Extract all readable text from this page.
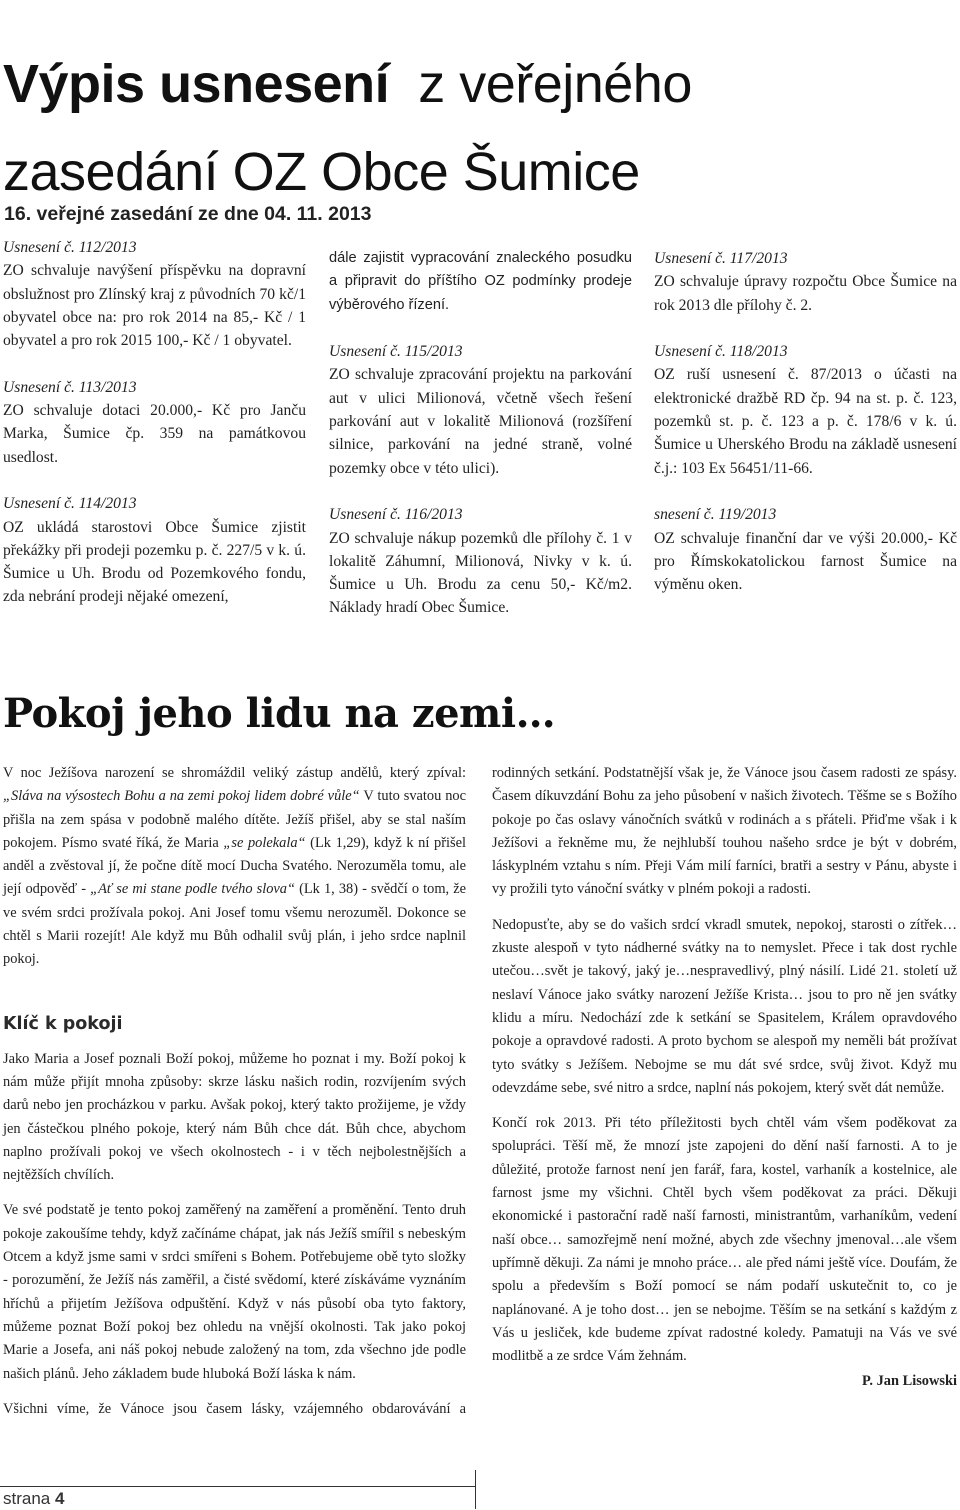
Výpis usnesení z veřejného
zasedání OZ Obce Šumice
16. veřejné zasedání ze dne 04. 11. 2013

Usnesení č. 112/2013

ZO schvaluje navýšení příspěvku na dopravní obslužnost pro Zlínský kraj z původních 70 kč/1 obyvatel obce na: pro rok 2014 na 85,- Kč / 1 obyvatel a pro rok 2015 100,- Kč / 1 obyvatel.

Usnesení č. 113/2013

ZO schvaluje dotaci 20.000,- Kč pro Janču Marka, Šumice čp. 359 na památkovou usedlost.

Usnesení č. 114/2013

OZ ukládá starostovi Obce Šumice zjistit překážky při prodeji pozemku p. č. 227/5 v k. ú. Šumice u Uh. Brodu od Pozemkového fondu, zda nebrání prodeji nějaké omezení,

dále zajistit vypracování znaleckého posudku a připravit do příštího OZ podmínky prodeje výběrového řízení.

Usnesení č. 115/2013

ZO schvaluje zpracování projektu na parkování aut v ulici Milionová, včetně všech řešení parkování aut v lokalitě Milionová (rozšíření silnice, parkování na jedné straně, volné pozemky obce v této ulici).

Usnesení č. 116/2013

ZO schvaluje nákup pozemků dle přílohy č. 1 v lokalitě Záhumní, Milionová, Nivky v k. ú. Šumice u Uh. Brodu za cenu 50,- Kč/m2. Náklady hradí Obec Šumice.

Usnesení č. 117/2013

ZO schvaluje úpravy rozpočtu Obce Šumice na rok 2013 dle přílohy č. 2.

Usnesení č. 118/2013

OZ ruší usnesení č. 87/2013 o účasti na elektronické dražbě RD čp. 94 na st. p. č. 123, pozemků st. p. č. 123 a p. č. 178/6 v k. ú. Šumice u Uherského Brodu na základě usnesení č.j.: 103 Ex 56451/11-66.

snesení č. 119/2013

OZ schvaluje finanční dar ve výši 20.000,- Kč pro Římskokatolickou farnost Šumice na výměnu oken.

Pokoj jeho lidu na zemi…

V noc Ježíšova narození se shromáždil veliký zástup andělů, který zpíval: „Sláva na výsostech Bohu a na zemi pokoj lidem dobré vůle“ V tuto svatou noc přišla na zem spása v podobně malého dítěte. Ježíš přišel, aby se stal naším pokojem. Písmo svaté říká, že Maria „se polekala“ (Lk 1,29), když k ní přišel anděl a zvěstoval jí, že počne dítě mocí Ducha Svatého. Nerozuměla tomu, ale její odpověď - „Ať se mi stane podle tvého slova“ (Lk 1, 38) - svědčí o tom, že ve svém srdci prožívala pokoj. Ani Josef tomu všemu nerozuměl. Dokonce se chtěl s Marii rozejít! Ale když mu Bůh odhalil svůj plán, i jeho srdce naplnil pokoj.

Klíč k pokoji

Jako Maria a Josef poznali Boží pokoj, můžeme ho poznat i my. Boží pokoj k nám může přijít mnoha způsoby: skrze lásku našich rodin, rozvíjením svých darů nebo jen procházkou v parku. Avšak pokoj, který takto prožijeme, je vždy jen částečkou plného pokoje, který nám Bůh chce dát. Bůh chce, abychom naplno prožívali pokoj ve všech okolnostech - i v těch nejbolestnějších a nejtěžších chvílích.

Ve své podstatě je tento pokoj zaměřený na zaměření a proměnění. Tento druh pokoje zakoušíme tehdy, když začínáme chápat, jak nás Ježíš smířil s nebeským Otcem a když jsme sami v srdci smířeni s Bohem. Potřebujeme obě tyto složky - porozumění, že Ježíš nás zaměřil, a čisté svědomí, které získáváme vyznáním hříchů a přijetím Ježíšova odpuštění. Když v nás působí oba tyto faktory, můžeme poznat Boží pokoj bez ohledu na vnější okolnosti. Tak jako pokoj Marie a Josefa, ani náš pokoj nebude založený na tom, zda všechno jde podle našich plánů. Jeho základem bude hluboká Boží láska k nám.

Všichni víme, že Vánoce jsou časem lásky, vzájemného obdarovávání a

rodinných setkání. Podstatnější však je, že Vánoce jsou časem radosti ze spásy. Časem díkuvzdání Bohu za jeho působení v našich životech. Těšme se s Božího pokoje po čas oslavy vánočních svátků v rodinách a s přáteli. Přiďme však i k Ježíšovi a řekněme mu, že nejhlubší touhou našeho srdce je být v dobrém, láskyplném vztahu s ním. Přeji Vám milí farníci, bratři a sestry v Pánu, abyste i vy prožili tyto vánoční svátky v plném pokoji a radosti.

Nedopusťte, aby se do vašich srdcí vkradl smutek, nepokoj, starosti o zítřek… zkuste alespoň v tyto nádherné svátky na to nemyslet. Přece i tak dost rychle utečou…svět je takový, jaký je…nespravedlivý, plný násilí. Lidé 21. století už neslaví Vánoce jako svátky narození Ježíše Krista… jsou to pro ně jen svátky klidu a míru. Nedochází zde k setkání se Spasitelem, Králem opravdového pokoje a opravdové radosti. A proto bychom se alespoň my neměli bát prožívat tyto svátky s Ježíšem. Nebojme se mu dát své srdce, svůj život. Když mu odevzdáme sebe, své nitro a srdce, naplní nás pokojem, který svět dát nemůže.

Končí rok 2013. Při této příležitosti bych chtěl vám všem poděkovat za spolupráci. Těší mě, že mnozí jste zapojeni do dění naší farnosti. A to je důležité, protože farnost není jen farář, fara, kostel, varhaník a kostelnice, ale farnost jsme my všichni. Chtěl bych všem poděkovat za práci. Děkuji ekonomické i pastorační radě naší farnosti, ministrantům, varhaníkům, vedení naší obce… samozřejmě není možné, abych zde všechny jmenoval…ale všem upřímně děkuji. Za námi je mnoho práce… ale před námi ještě více. Doufám, že spolu a především s Boží pomocí se nám podaří uskutečnit to, co je naplánované. A je toho dost… jen se nebojme. Těším se na setkání s každým z Vás u jesliček, kde budeme zpívat radostné koledy. Pamatuji na Vás ve své modlitbě a ze srdce Vám žehnám.

P. Jan Lisowski

strana 4
